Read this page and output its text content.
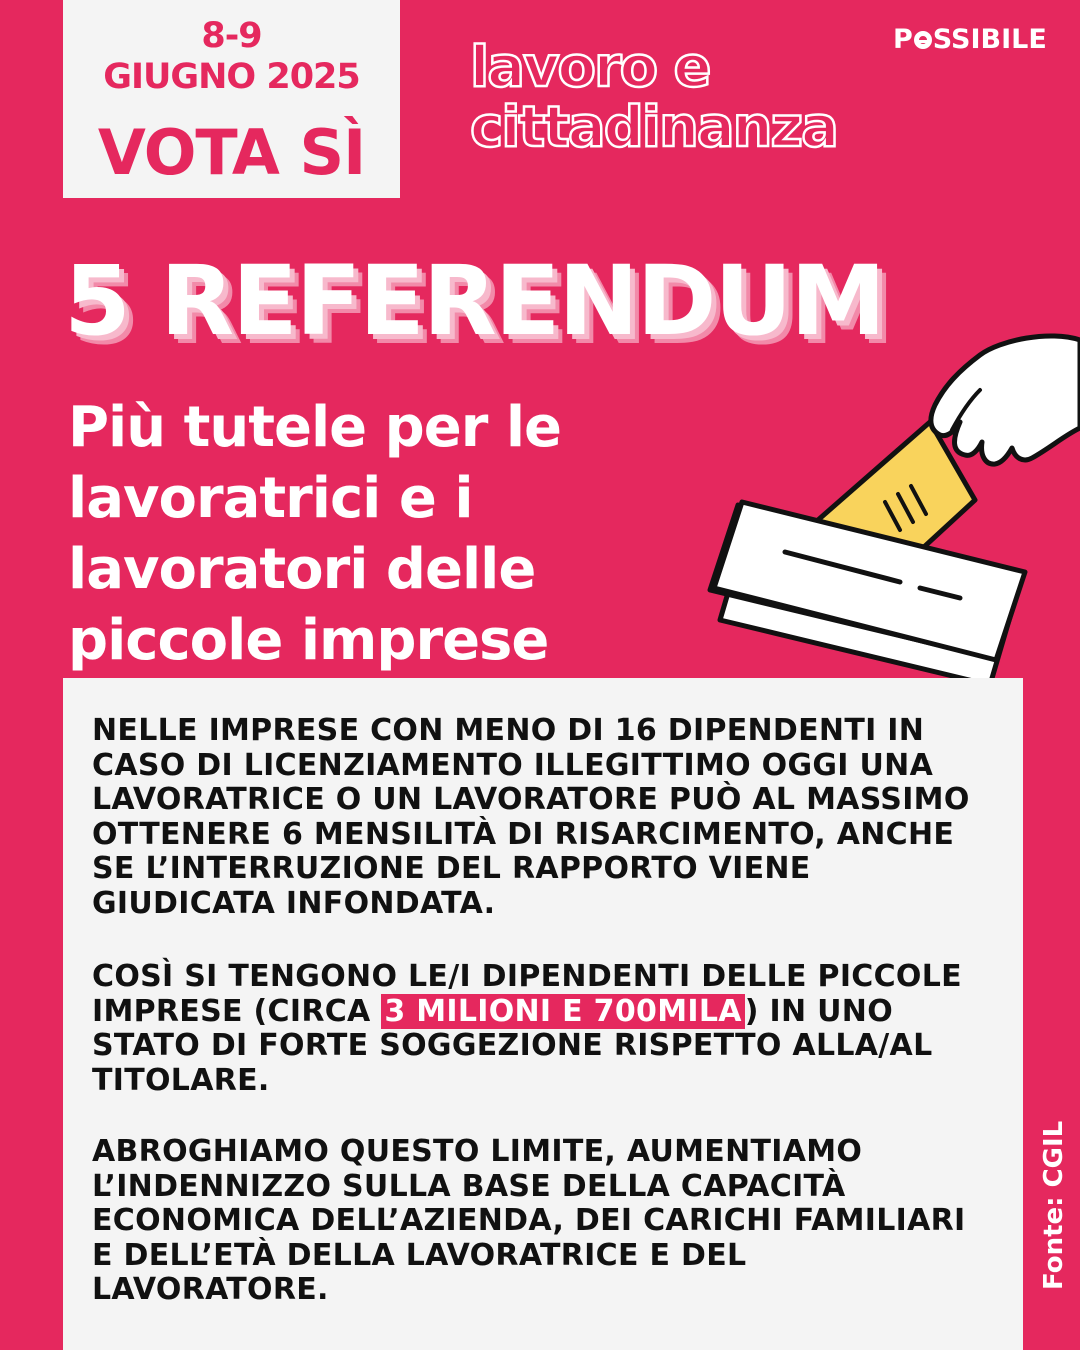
8-9
GIUGNO 2025
VOTA SÌ
lavoro e
cittadinanza
P SSIBILE
5 REFERENDUM
Più tutele per le
lavoratrici e i
lavoratori delle
piccole imprese
NELLE IMPRESE CON MENO DI 16 DIPENDENTI IN CASO DI LICENZIAMENTO ILLEGITTIMO OGGI UNA LAVORATRICE O UN LAVORATORE PUÒ AL MASSIMO OTTENERE 6 MENSILITÀ DI RISARCIMENTO, ANCHE SE L’INTERRUZIONE DEL RAPPORTO VIENE GIUDICATA INFONDATA.
COSÌ SI TENGONO LE/I DIPENDENTI DELLE PICCOLE IMPRESE (CIRCA 3 MILIONI E 700MILA ) IN UNO STATO DI FORTE SOGGEZIONE RISPETTO ALLA/AL TITOLARE.
ABROGHIAMO QUESTO LIMITE, AUMENTIAMO L’INDENNIZZO SULLA BASE DELLA CAPACITÀ ECONOMICA DELL’AZIENDA, DEI CARICHI FAMILIARI E DELL’ETÀ DELLA LAVORATRICE E DEL LAVORATORE.	Fonte: CGIL
